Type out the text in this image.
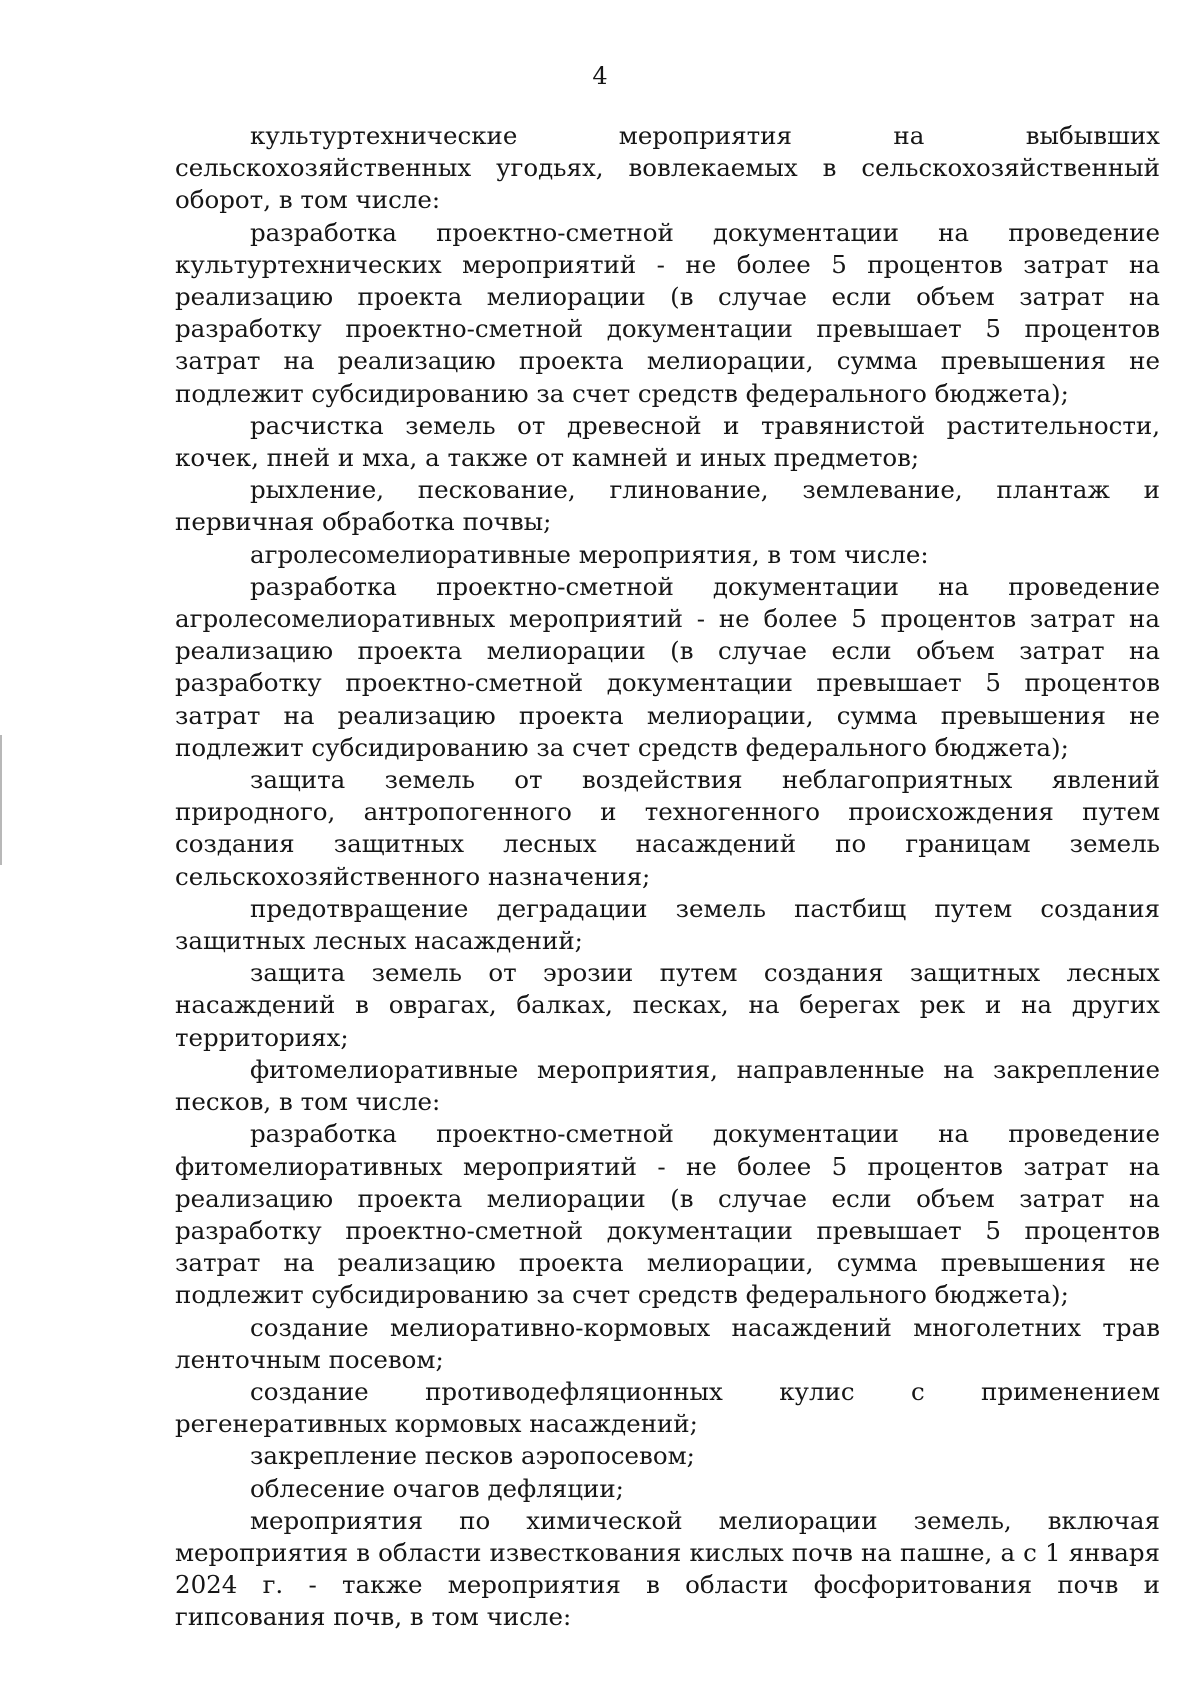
4

культуртехнические мероприятия на выбывших сельскохозяйственных угодьях, вовлекаемых в сельскохозяйственный оборот, в том числе:

разработка проектно-сметной документации на проведение культуртехнических мероприятий - не более 5 процентов затрат на реализацию проекта мелиорации (в случае если объем затрат на разработку проектно-сметной документации превышает 5 процентов затрат на реализацию проекта мелиорации, сумма превышения не подлежит субсидированию за счет средств федерального бюджета);

расчистка земель от древесной и травянистой растительности, кочек, пней и мха, а также от камней и иных предметов;

рыхление, пескование, глинование, землевание, плантаж и первичная обработка почвы;

агролесомелиоративные мероприятия, в том числе:

разработка проектно-сметной документации на проведение агролесомелиоративных мероприятий - не более 5 процентов затрат на реализацию проекта мелиорации (в случае если объем затрат на разработку проектно-сметной документации превышает 5 процентов затрат на реализацию проекта мелиорации, сумма превышения не подлежит субсидированию за счет средств федерального бюджета);

защита земель от воздействия неблагоприятных явлений природного, антропогенного и техногенного происхождения путем создания защитных лесных насаждений по границам земель сельскохозяйственного назначения;

предотвращение деградации земель пастбищ путем создания защитных лесных насаждений;

защита земель от эрозии путем создания защитных лесных насаждений в оврагах, балках, песках, на берегах рек и на других территориях;

фитомелиоративные мероприятия, направленные на закрепление песков, в том числе:

разработка проектно-сметной документации на проведение фитомелиоративных мероприятий - не более 5 процентов затрат на реализацию проекта мелиорации (в случае если объем затрат на разработку проектно-сметной документации превышает 5 процентов затрат на реализацию проекта мелиорации, сумма превышения не подлежит субсидированию за счет средств федерального бюджета);

создание мелиоративно-кормовых насаждений многолетних трав ленточным посевом;

создание противодефляционных кулис с применением регенеративных кормовых насаждений;

закрепление песков аэропосевом;

облесение очагов дефляции;

мероприятия по химической мелиорации земель, включая мероприятия в области известкования кислых почв на пашне, а с 1 января 2024 г. - также мероприятия в области фосфоритования почв и гипсования почв, в том числе:
